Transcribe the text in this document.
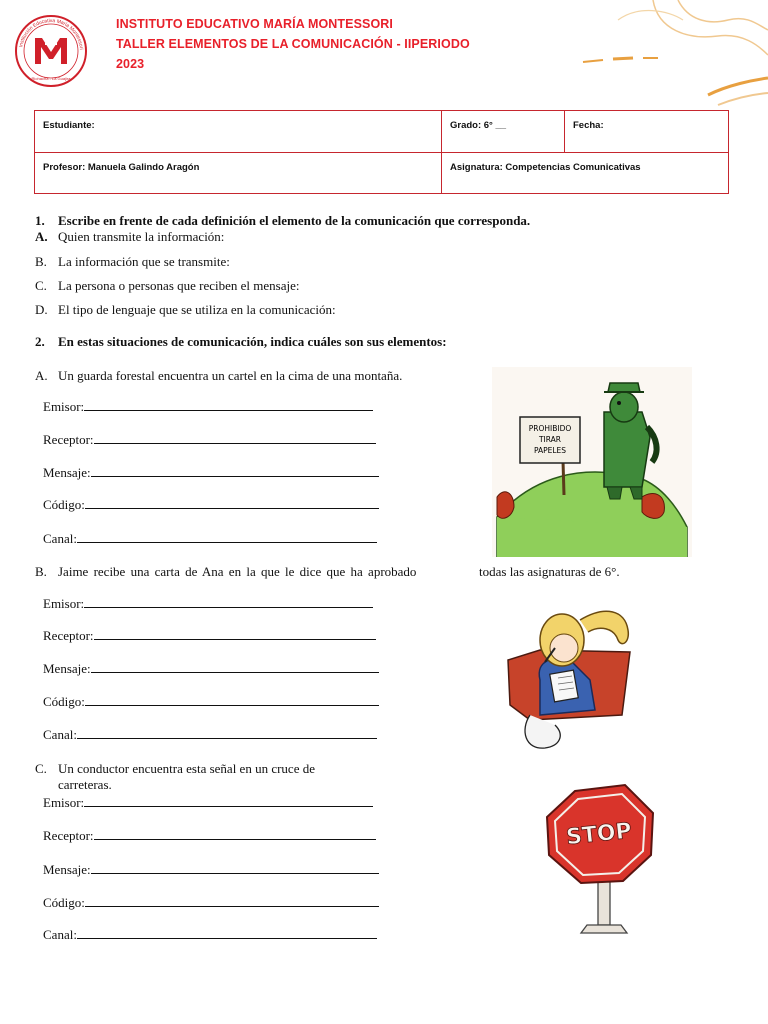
Institución Educativa María Montessori
Riohacha - La Guajira
INSTITUTO EDUCATIVO MARÍA MONTESSORI
TALLER ELEMENTOS DE LA COMUNICACIÓN - IIPERIODO
2023
Estudiante:	Grado: 6° __	Fecha:
Profesor: Manuela Galindo Aragón	Asignatura: Competencias Comunicativas	
1. Escribe en frente de cada definición el elemento de la comunicación que corresponda.
A. Quien transmite la información:
B. La información que se transmite:
C. La persona o personas que reciben el mensaje:
D. El tipo de lenguaje que se utiliza en la comunicación:
2. En estas situaciones de comunicación, indica cuáles son sus elementos:
A. Un guarda forestal encuentra un cartel en la cima de una montaña.
Emisor:
Receptor:
Mensaje:
Código:
Canal:
PROHIBIDO
TIRAR
PAPELES
B. Jaime recibe una carta de Ana en la que le dice que ha aprobado	todas las asignaturas de 6°.
Emisor:
Receptor:
Mensaje:
Código:
Canal:
C. Un conductor encuentra esta señal en un cruce de
carreteras.
Emisor:
Receptor:
Mensaje:
Código:
Canal:
STOP
